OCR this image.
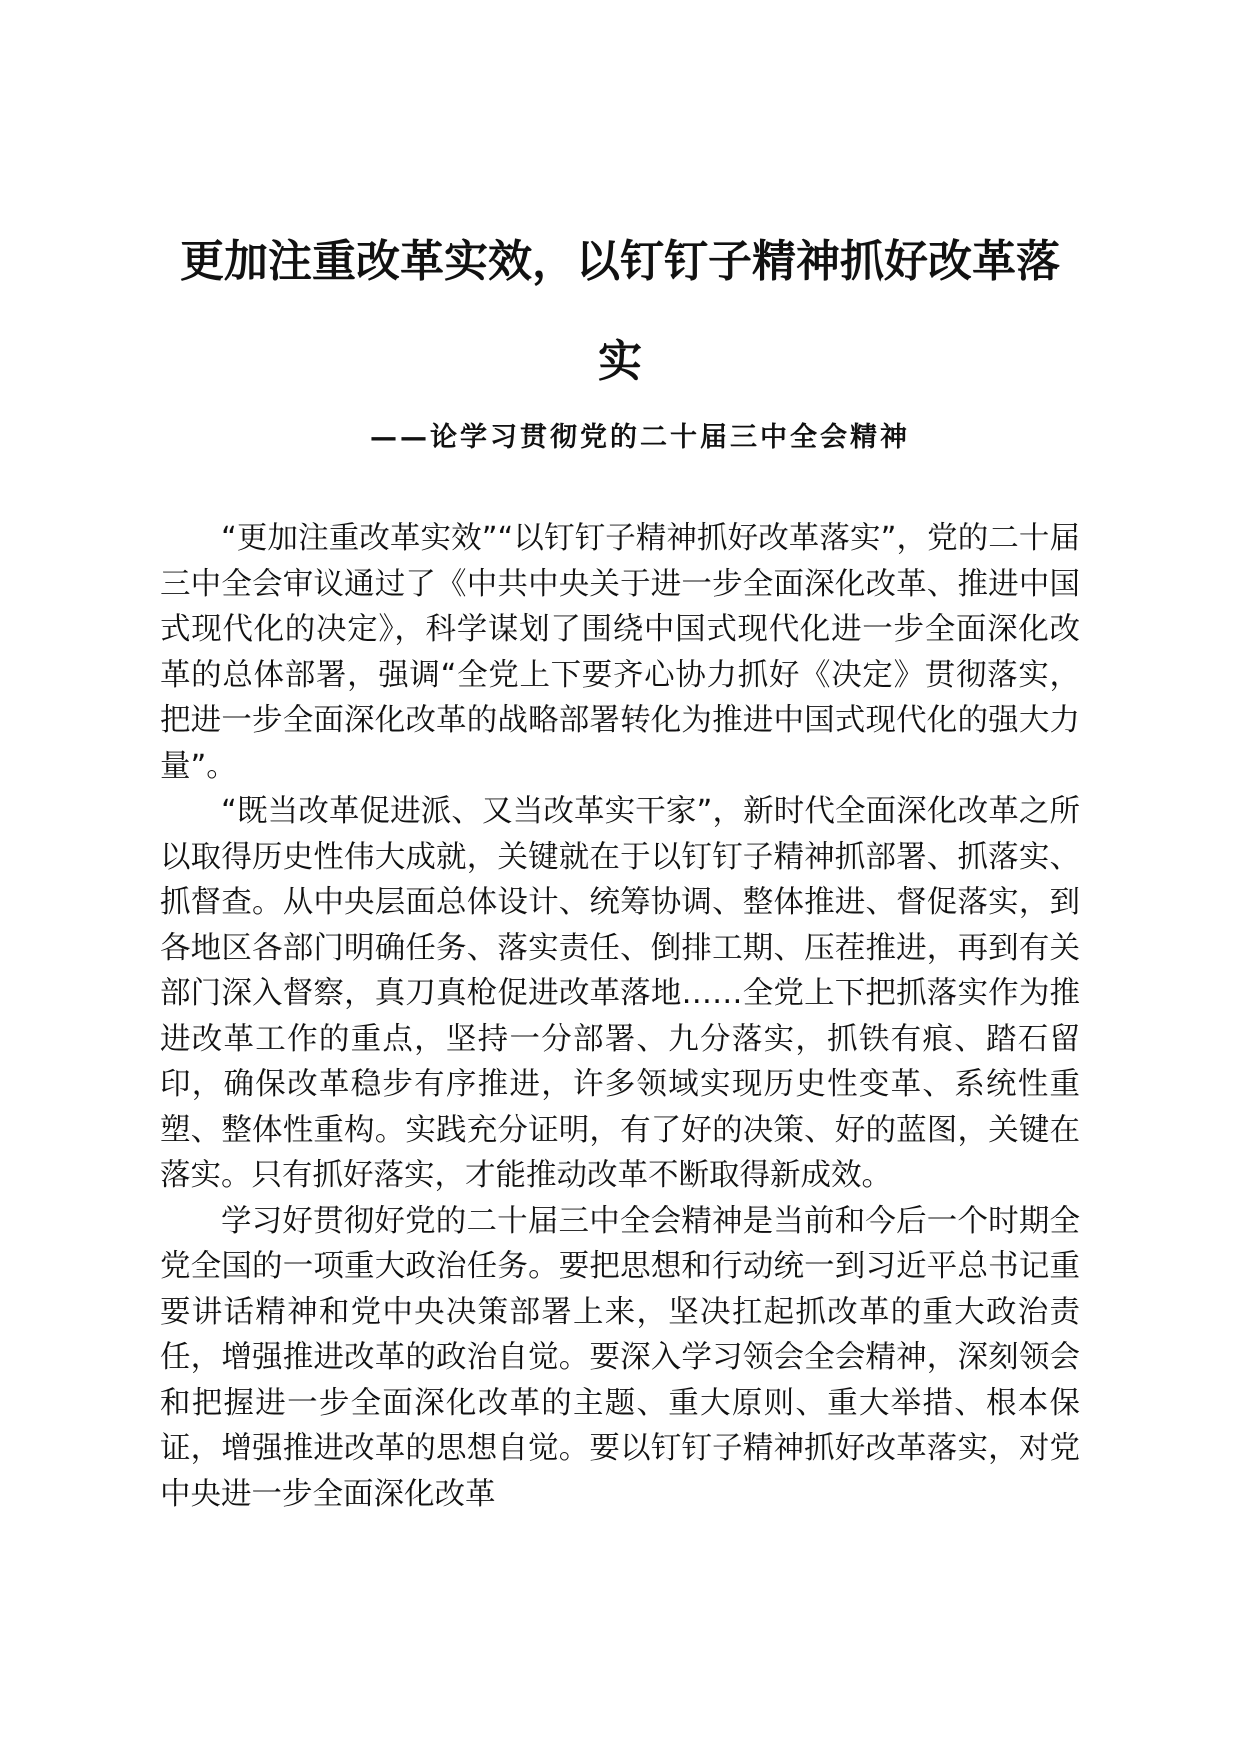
更加注重改革实效，以钉钉子精神抓好改革落实
——论学习贯彻党的二十届三中全会精神

“更加注重改革实效”“以钉钉子精神抓好改革落实”，党的二十届三中全会审议通过了《中共中央关于进一步全面深化改革、推进中国式现代化的决定》，科学谋划了围绕中国式现代化进一步全面深化改革的总体部署，强调“全党上下要齐心协力抓好《决定》贯彻落实，把进一步全面深化改革的战略部署转化为推进中国式现代化的强大力量”。

“既当改革促进派、又当改革实干家”，新时代全面深化改革之所以取得历史性伟大成就，关键就在于以钉钉子精神抓部署、抓落实、抓督查。从中央层面总体设计、统筹协调、整体推进、督促落实，到各地区各部门明确任务、落实责任、倒排工期、压茬推进，再到有关部门深入督察，真刀真枪促进改革落地……全党上下把抓落实作为推进改革工作的重点，坚持一分部署、九分落实，抓铁有痕、踏石留印，确保改革稳步有序推进，许多领域实现历史性变革、系统性重塑、整体性重构。实践充分证明，有了好的决策、好的蓝图，关键在落实。只有抓好落实，才能推动改革不断取得新成效。

学习好贯彻好党的二十届三中全会精神是当前和今后一个时期全党全国的一项重大政治任务。要把思想和行动统一到习近平总书记重要讲话精神和党中央决策部署上来，坚决扛起抓改革的重大政治责任，增强推进改革的政治自觉。要深入学习领会全会精神，深刻领会和把握进一步全面深化改革的主题、重大原则、重大举措、根本保证，增强推进改革的思想自觉。要以钉钉子精神抓好改革落实，对党中央进一步全面深化改革
